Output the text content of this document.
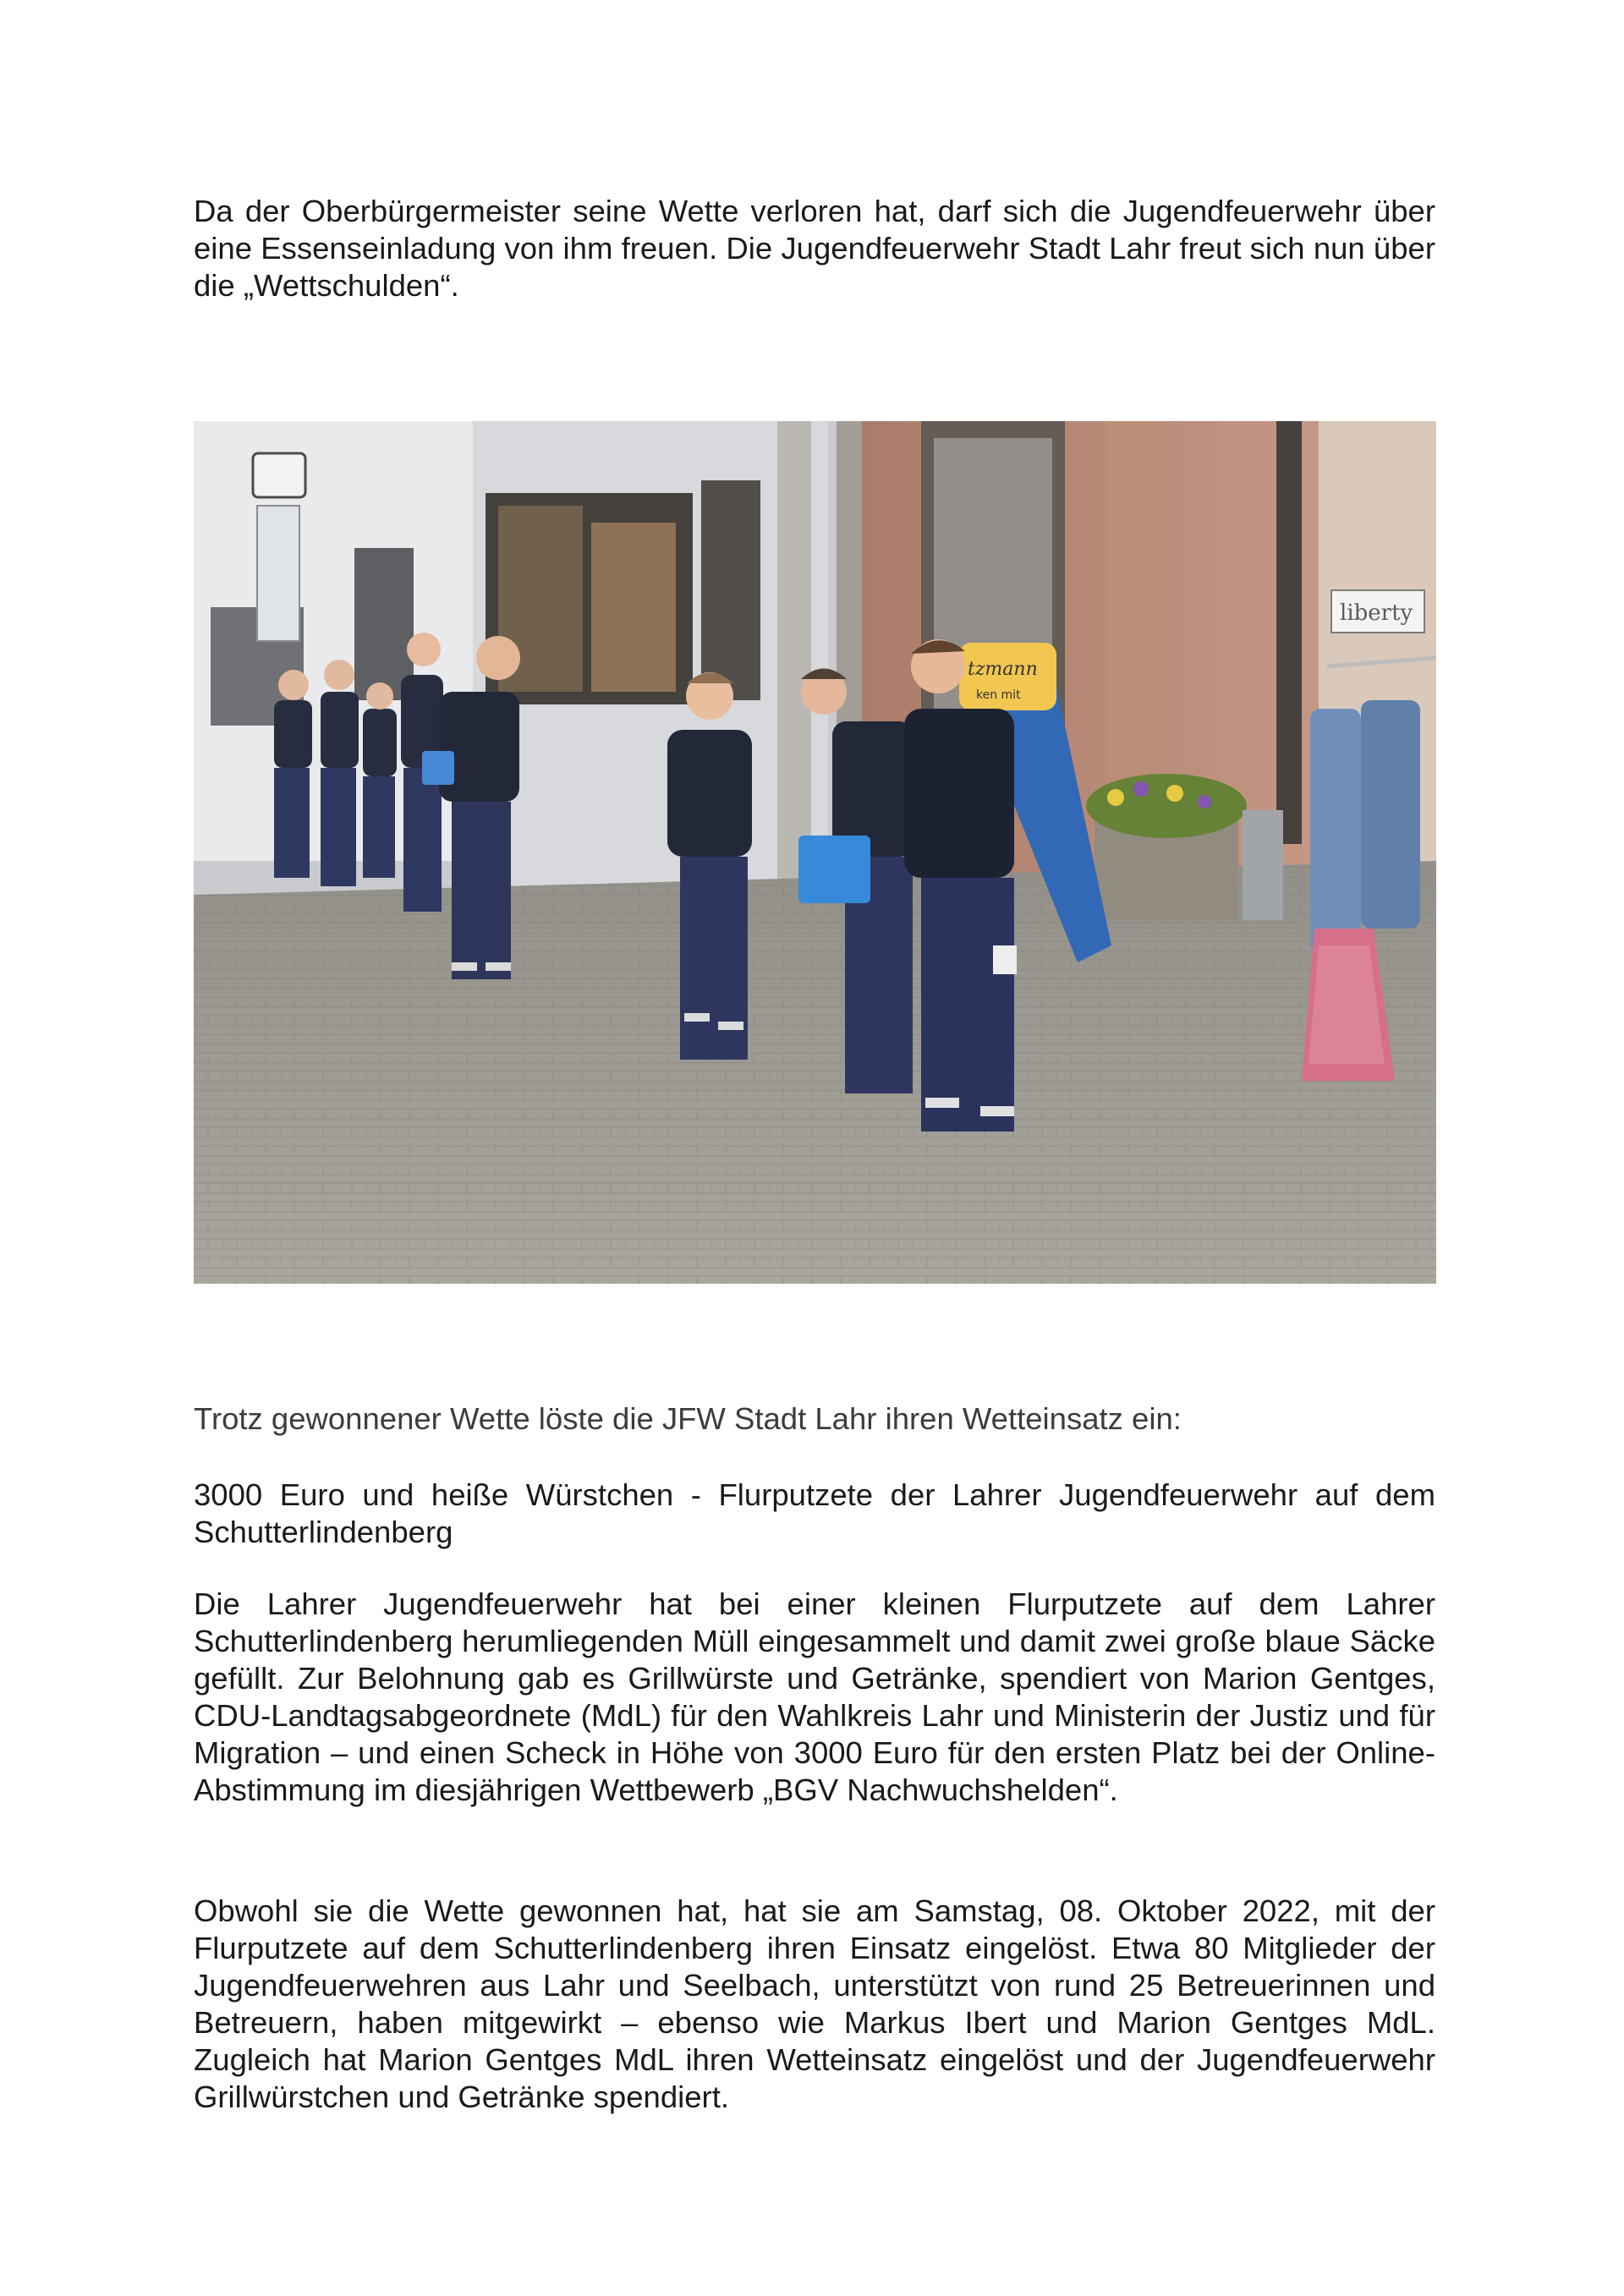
Da der Oberbürgermeister seine Wette verloren hat, darf sich die Jugendfeuerwehr über eine Essenseinladung von ihm freuen. Die Jugendfeuerwehr Stadt Lahr freut sich nun über die „Wettschulden“.

tzmann
ken mit
liberty

Trotz gewonnener Wette löste die JFW Stadt Lahr ihren Wetteinsatz ein:

3000 Euro und heiße Würstchen - Flurputzete der Lahrer Jugendfeuerwehr auf dem Schutterlindenberg

Die Lahrer Jugendfeuerwehr hat bei einer kleinen Flurputzete auf dem Lahrer Schutterlindenberg herumliegenden Müll eingesammelt und damit zwei große blaue Säcke gefüllt. Zur Belohnung gab es Grillwürste und Getränke, spendiert von Marion Gentges, CDU-Landtagsabgeordnete (MdL) für den Wahlkreis Lahr und Ministerin der Justiz und für Migration – und einen Scheck in Höhe von 3000 Euro für den ersten Platz bei der Online-Abstimmung im diesjährigen Wettbewerb „BGV Nachwuchshelden“.

Obwohl sie die Wette gewonnen hat, hat sie am Samstag, 08. Oktober 2022, mit der Flurputzete auf dem Schutterlindenberg ihren Einsatz eingelöst. Etwa 80 Mitglieder der Jugendfeuerwehren aus Lahr und Seelbach, unterstützt von rund 25 Betreuerinnen und Betreuern, haben mitgewirkt – ebenso wie Markus Ibert und Marion Gentges MdL. Zugleich hat Marion Gentges MdL ihren Wetteinsatz eingelöst und der Jugendfeuerwehr Grillwürstchen und Getränke spendiert.
